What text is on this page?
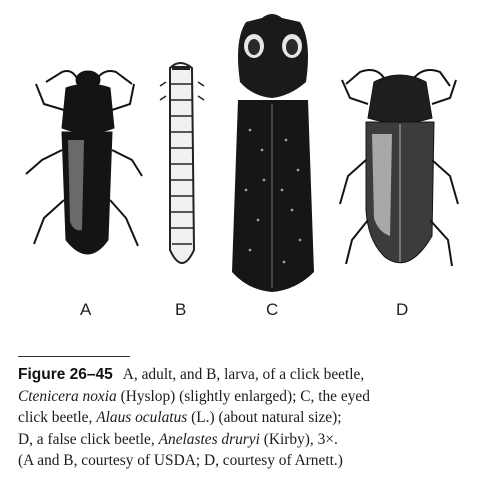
A	B	C	D
Figure 26–45 A, adult, and B, larva, of a click beetle,
Ctenicera noxia (Hyslop) (slightly enlarged); C, the eyed
click beetle, Alaus oculatus (L.) (about natural size);
D, a false click beetle, Anelastes druryi (Kirby), 3×.
(A and B, courtesy of USDA; D, courtesy of Arnett.)
